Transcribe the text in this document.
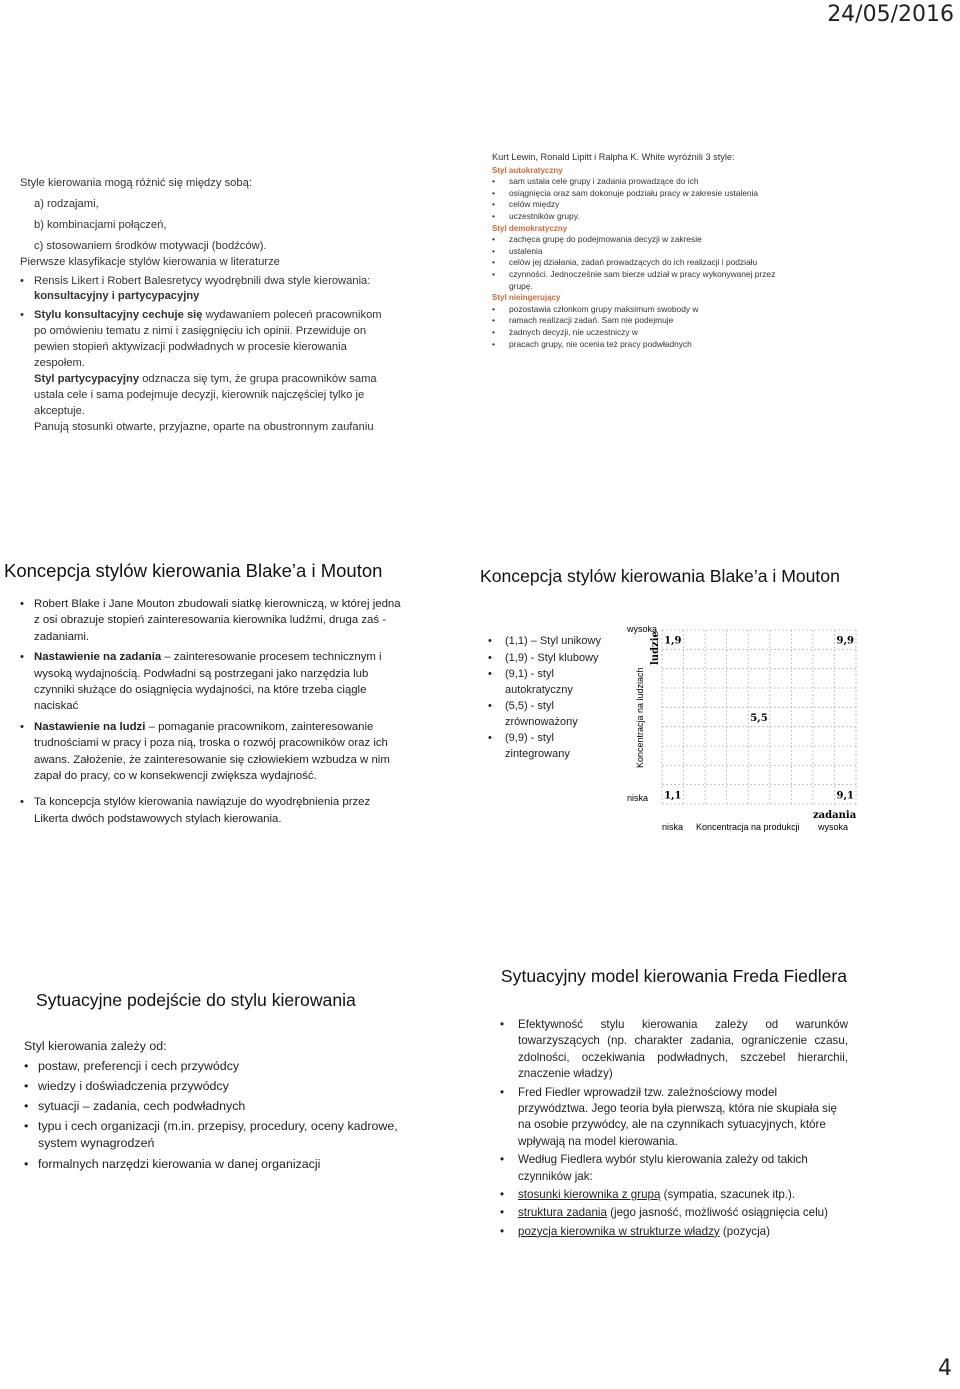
24/05/2016

Style kierowania mogą różnić się między sobą:

a) rodzajami,

b) kombinacjami połączeń,

c) stosowaniem środków motywacji (bodźców).

Pierwsze klasyfikacje stylów kierowania w literaturze

• Rensis Likert i Robert Balesretycy wyodrębnili dwa style kierowania:
konsultacyjny i partycypacyjny
• Stylu konsultacyjny cechuje się wydawaniem poleceń pracownikom po omówieniu tematu z nimi i zasięgnięciu ich opinii. Przewiduje on pewien stopień aktywizacji podwładnych w procesie kierowania zespołem.
Styl partycypacyjny odznacza się tym, że grupa pracowników sama ustala cele i sama podejmuje decyzji, kierownik najczęściej tylko je akceptuje.
Panują stosunki otwarte, przyjazne, oparte na obustronnym zaufaniu
Kurt Lewin, Ronald Lipitt i Ralpha K. White wyróżnili 3 style:
Styl autokratyczny
• sam ustala cele grupy i zadania prowadzące do ich
• osiągnięcia oraz sam dokonuje podziału pracy w zakresie ustalenia
• celów między
• uczestników grupy.
Styl demokratyczny
• zachęca grupę do podejmowania decyzji w zakresie
• ustalenia
• celów jej działania, zadań prowadzących do ich realizacji i podziału
• czynności. Jednocześnie sam bierze udział w pracy wykonywanej przez grupę.
Styl nieingerujący
• pozostawia członkom grupy maksimum swobody w
• ramach realizacji zadań. Sam nie podejmuje
• żadnych decyzji, nie uczestniczy w
• pracach grupy, nie ocenia też pracy podwładnych
Koncepcja stylów kierowania Blake’a i Mouton
• Robert Blake i Jane Mouton zbudowali siatkę kierowniczą, w której jedna z osi obrazuje stopień zainteresowania kierownika ludźmi, druga zaś - zadaniami.
• Nastawienie na zadania – zainteresowanie procesem technicznym i wysoką wydajnością. Podwładni są postrzegani jako narzędzia lub czynniki służące do osiągnięcia wydajności, na które trzeba ciągle naciskać
• Nastawienie na ludzi – pomaganie pracownikom, zainteresowanie trudnościami w pracy i poza nią, troska o rozwój pracowników oraz ich awans. Założenie, że zainteresowanie się człowiekiem wzbudza w nim zapał do pracy, co w konsekwencji zwiększa wydajność.
• Ta koncepcja stylów kierowania nawiązuje do wyodrębnienia przez Likerta dwóch podstawowych stylach kierowania.
Koncepcja stylów kierowania Blake’a i Mouton
• (1,1) – Styl unikowy
• (1,9) - Styl klubowy
• (9,1) - styl autokratyczny
• (5,5) - styl zrównoważony
• (9,9) - styl zintegrowany
wysoka
niska
Koncentracja na ludziach
ludzie
niska Koncentracja na produkcji wysoka
zadania
1,9	9,9
5,5
1,1	9,1
Sytuacyjne podejście do stylu kierowania
Styl kierowania zależy od:
• postaw, preferencji i cech przywódcy
• wiedzy i doświadczenia przywódcy
• sytuacji – zadania, cech podwładnych
• typu i cech organizacji (m.in. przepisy, procedury, oceny kadrowe, system wynagrodzeń
• formalnych narzędzi kierowania w danej organizacji
Sytuacyjny model kierowania Freda Fiedlera
• Efektywność stylu kierowania zależy od warunków towarzyszących (np. charakter zadania, ograniczenie czasu, zdolności, oczekiwania podwładnych, szczebel hierarchii, znaczenie władzy)
• Fred Fiedler wprowadził tzw. zależnościowy model przywództwa. Jego teoria była pierwszą, która nie skupiała się na osobie przywódcy, ale na czynnikach sytuacyjnych, które wpływają na model kierowania.
• Według Fiedlera wybór stylu kierowania zależy od takich czynników jak:
• stosunki kierownika z grupą (sympatia, szacunek itp.).
• struktura zadania (jego jasność, możliwość osiągnięcia celu)
• pozycja kierownika w strukturze władzy (pozycja)
4
